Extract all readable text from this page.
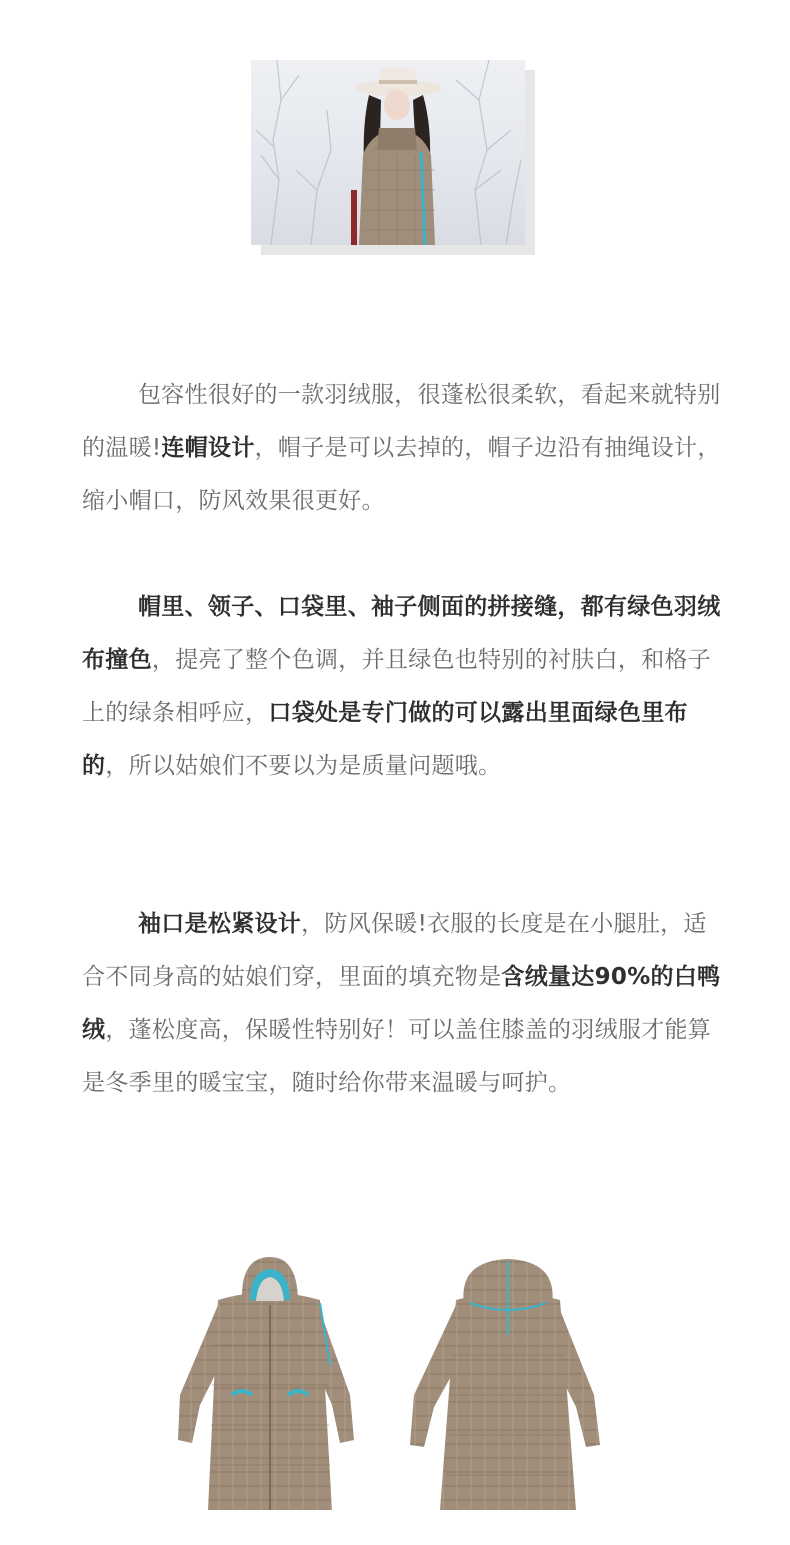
包容性很好的一款羽绒服，很蓬松很柔软，看起来就特别的温暖!连帽设计，帽子是可以去掉的，帽子边沿有抽绳设计，缩小帽口，防风效果很更好。

帽里、领子、口袋里、袖子侧面的拼接缝，都有绿色羽绒布撞色，提亮了整个色调，并且绿色也特别的衬肤白，和格子上的绿条相呼应，口袋处是专门做的可以露出里面绿色里布的，所以姑娘们不要以为是质量问题哦。

袖口是松紧设计，防风保暖!衣服的长度是在小腿肚，适合不同身高的姑娘们穿，里面的填充物是含绒量达90%的白鸭绒，蓬松度高，保暖性特别好！可以盖住膝盖的羽绒服才能算是冬季里的暖宝宝，随时给你带来温暖与呵护。
